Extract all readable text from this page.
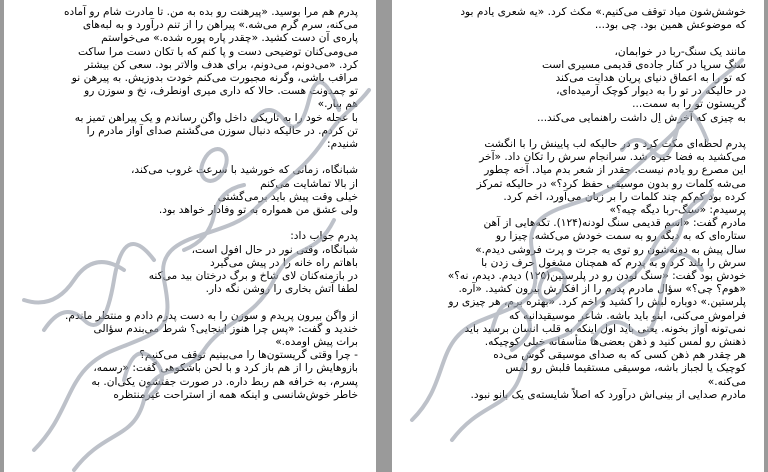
خوشش‌شون میاد توقف می‌کنیم.» مکث کرد. «یه شعری یادم بود
که موضوعش همین بود. چی بود...
مانند یک سنگ-ربا در خوابمان،
سنگ سرپا در کنار جاده‌ی قدیمی مسیری است
که تو را به اعماق دنیای پریان هدایت می‌کند
در حالیکه در تو را به دیوار کوچک آرمیده‌ای،
گریستون تو را به سمت...
به چیزی که آخرش اِل داشت راهنمایی می‌کند...
پدرم لحظه‌ای مکث کرد و در حالیکه لب پایینش را با انگشت
می‌کشید به فضا خیره شد. سرانجام سرش را تکان داد. «آخر
این مصرع رو یادم نیست. چقدر از شعر بدم میاد. آخه چطور
می‌شه کلمات رو بدون موسیقی حفظ کرد؟» در حالیکه تمرکز
کرده بود کم‌کم چند کلمات را بر زبان می‌آورد، اخم کرد.
پرسیدم: «سنگ-ربا دیگه چیه؟»
مادرم گفت: «اسم قدیمی سنگ لودنه(۱۲۴). تکه‌هایی از آهن
ستاره‌ای که به دیگه رو به سمت خودش می‌کشه. چیزا رو
سال پیش به دونه‌شون رو توی یه جرت و پرت فروشی دیدم.»
سرش را بلند کرد و به پدرم که همچنان مشغول حرف زدن با
خودش بود گفت: «سنگ لودن رو در پلرستین(۱۲۵) دیدم. دیدم، نه؟»
«هوم؟ چی؟» سؤال مادرم پدرم را از افکارش بیرون کشید. «آره.
پلرستین.» دوباره لبش را کشید و اخم کرد. «بهتره برم، هر چیزی رو
فراموش می‌کنی، ابنو باید باشه. شاعر موسیقیدانیه که
نمی‌تونه آواز بخونه. یعنی باید اول اینکه به قلب انسان برسید باید
ذهنش رو لمس کنید و ذهن بعضی‌ها متأسفانه خیلی کوچیکه.
هر چقدر هم ذهن کسی که به صدای موسیقی گوش می‌ده
کوچیک یا لجباز باشه، موسیقی مستقیما قلبش رو لمس
می‌کنه.»
مادرم صدایی از بینی‌اش درآورد که اصلاً شایسته‌ی یک بانو نبود.
پدرم هم مرا بوسید. «پیرهنت رو بده به من. تا مادرت شام رو آماده
می‌کنه، سرم گرم می‌شه.» پیراهن را از تنم درآورد و به لبه‌های
پاره‌ی آن دست کشید. «چقدر پاره پوره شده.» می‌خواستم
می‌ومی‌کنان توضیحی دست و پا کنم که با تکان دست مرا ساکت
کرد. «می‌دونم، می‌دونم، برای هدف والاتر بود. سعی کن بیشتر
مراقب باشی، وگرنه مجبورت می‌کنم خودت بدوزیش. به پیرهن نو
تو چمدونت هست. حالا که داری میری اونطرف، نخ و سوزن رو
هم بیار.»
با عجله خود را به تاریکی داخل واگن رساندم و یک پیراهن تمیز به
تن کردم. در حالیکه دنبال سوزن می‌گشتم صدای آواز مادرم را
شنیدم:
شبانگاه، زمانی که خورشید با سرعت غروب می‌کند،
از بالا تماشایت می‌کنم
خیلی وقت پیش باید برمی‌گشتی
ولی عشق من همواره به تو وفادار خواهد بود.
پدرم جواب داد:
شبانگاه، وقتی نور در حال افول است،
باهاتم راه خانه را در پیش می‌گیرد
در بازمنه‌کنان لای شاخ و برگ درختان بید می‌کنه
لطفا آتش بخاری را روشن نگه دار.
از واگن بیرون پریدم و سوزن را به دست پدرم دادم و منتظر ماندم.
خندید و گفت: «پس چرا هنوز اینجایی؟ شرط می‌بندم سؤالی
برات پیش اومده.»
- چرا وقتی گریستون‌ها را می‌بینیم توقف می‌کنیم؟
بازوهایش را از هم باز کرد و با لحن باشکوهی گفت: «رسمه،
پسرم، به خرافه هم ربط داره. در صورت جفتشون یکی‌ان. به
خاطر خوش‌شانسی و اینکه همه از استراحت غیرمنتظره
